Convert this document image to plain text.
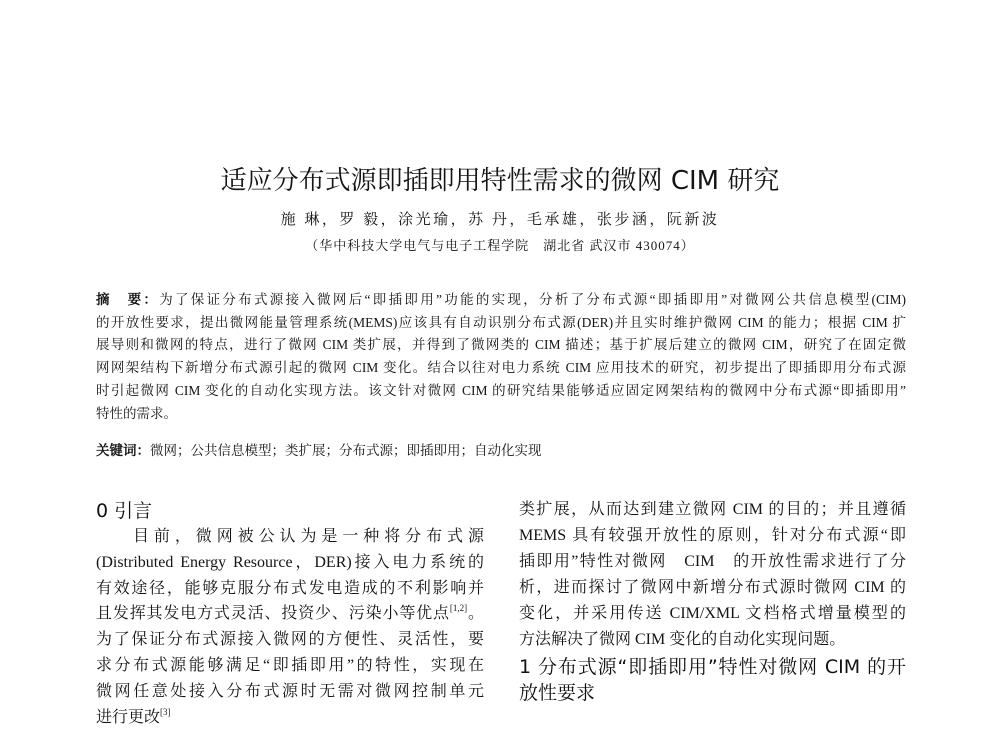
适应分布式源即插即用特性需求的微网 CIM 研究
施 琳，罗 毅，涂光瑜，苏 丹，毛承雄，张步涵，阮新波
（华中科技大学电气与电子工程学院　湖北省 武汉市 430074）
摘　要：为了保证分布式源接入微网后“即插即用”功能的实现，分析了分布式源“即插即用”对微网公共信息模型(CIM)
的开放性要求，提出微网能量管理系统(MEMS)应该具有自动识别分布式源(DER)并且实时维护微网 CIM 的能力；根据 CIM 扩
展导则和微网的特点，进行了微网 CIM 类扩展，并得到了微网类的 CIM 描述；基于扩展后建立的微网 CIM，研究了在固定微
网网架结构下新增分布式源引起的微网 CIM 变化。结合以往对电力系统 CIM 应用技术的研究，初步提出了即插即用分布式源
时引起微网 CIM 变化的自动化实现方法。该文针对微网 CIM 的研究结果能够适应固定网架结构的微网中分布式源“即插即用”
特性的需求。
关键词：微网；公共信息模型；类扩展；分布式源；即插即用；自动化实现
0 引言
目前，微网被公认为是一种将分布式源
(Distributed Energy Resource，DER)接入电力系统的
有效途径，能够克服分布式发电造成的不利影响并
且发挥其发电方式灵活、投资少、污染小等优点[1,2]。
为了保证分布式源接入微网的方便性、灵活性，要
求分布式源能够满足“即插即用”的特性，实现在
微网任意处接入分布式源时无需对微网控制单元
进行更改[3]
类扩展，从而达到建立微网 CIM 的目的；并且遵循
MEMS 具有较强开放性的原则，针对分布式源“即
插即用”特性对微网　CIM　的开放性需求进行了分
析，进而探讨了微网中新增分布式源时微网 CIM 的
变化，并采用传送 CIM/XML 文档格式增量模型的
方法解决了微网 CIM 变化的自动化实现问题。
1 分布式源“即插即用”特性对微网 CIM 的开
放性要求
